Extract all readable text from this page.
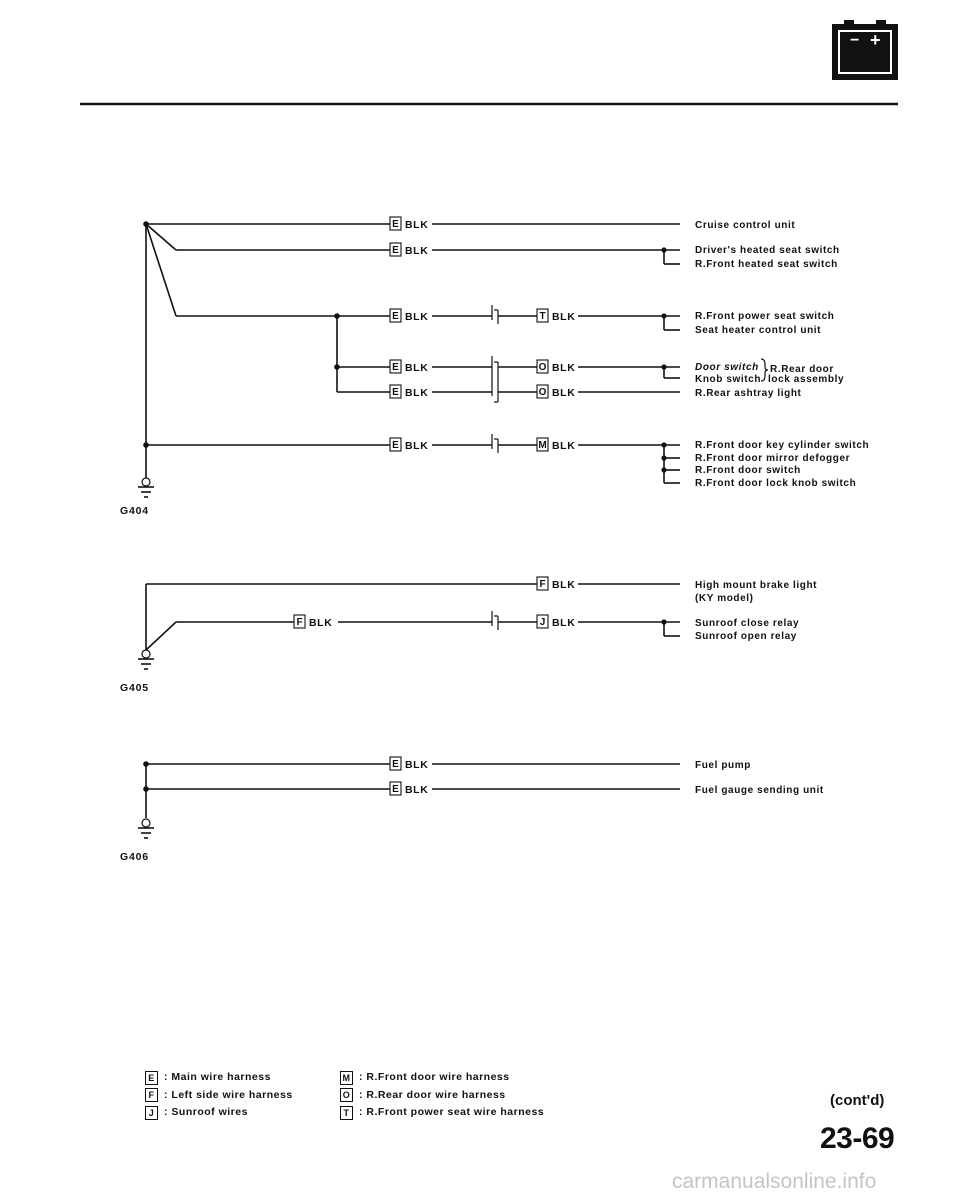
− +
E
E
E
E
E
E
T
O
O
M
F
F	J
E
E
BLK
BLK
BLK
BLK
BLK
BLK
BLK
BLK
BLK
BLK
BLK
BLK	BLK
BLK
BLK
Cruise control unit
Driver's heated seat switch
R.Front heated seat switch
R.Front power seat switch
Seat heater control unit
Door switch
Knob switch
R.Rear door
lock assembly
R.Rear ashtray light
R.Front door key cylinder switch
R.Front door mirror defogger
R.Front door switch
R.Front door lock knob switch
High mount brake light
(KY model)
Sunroof close relay
Sunroof open relay
Fuel pump
Fuel gauge sending unit
G404
G405
G406
E : Main wire harness
F : Left side wire harness
J : Sunroof wires
M : R.Front door wire harness
O : R.Rear door wire harness
T : R.Front power seat wire harness
(cont'd)
23-69
carmanualsonline.info
